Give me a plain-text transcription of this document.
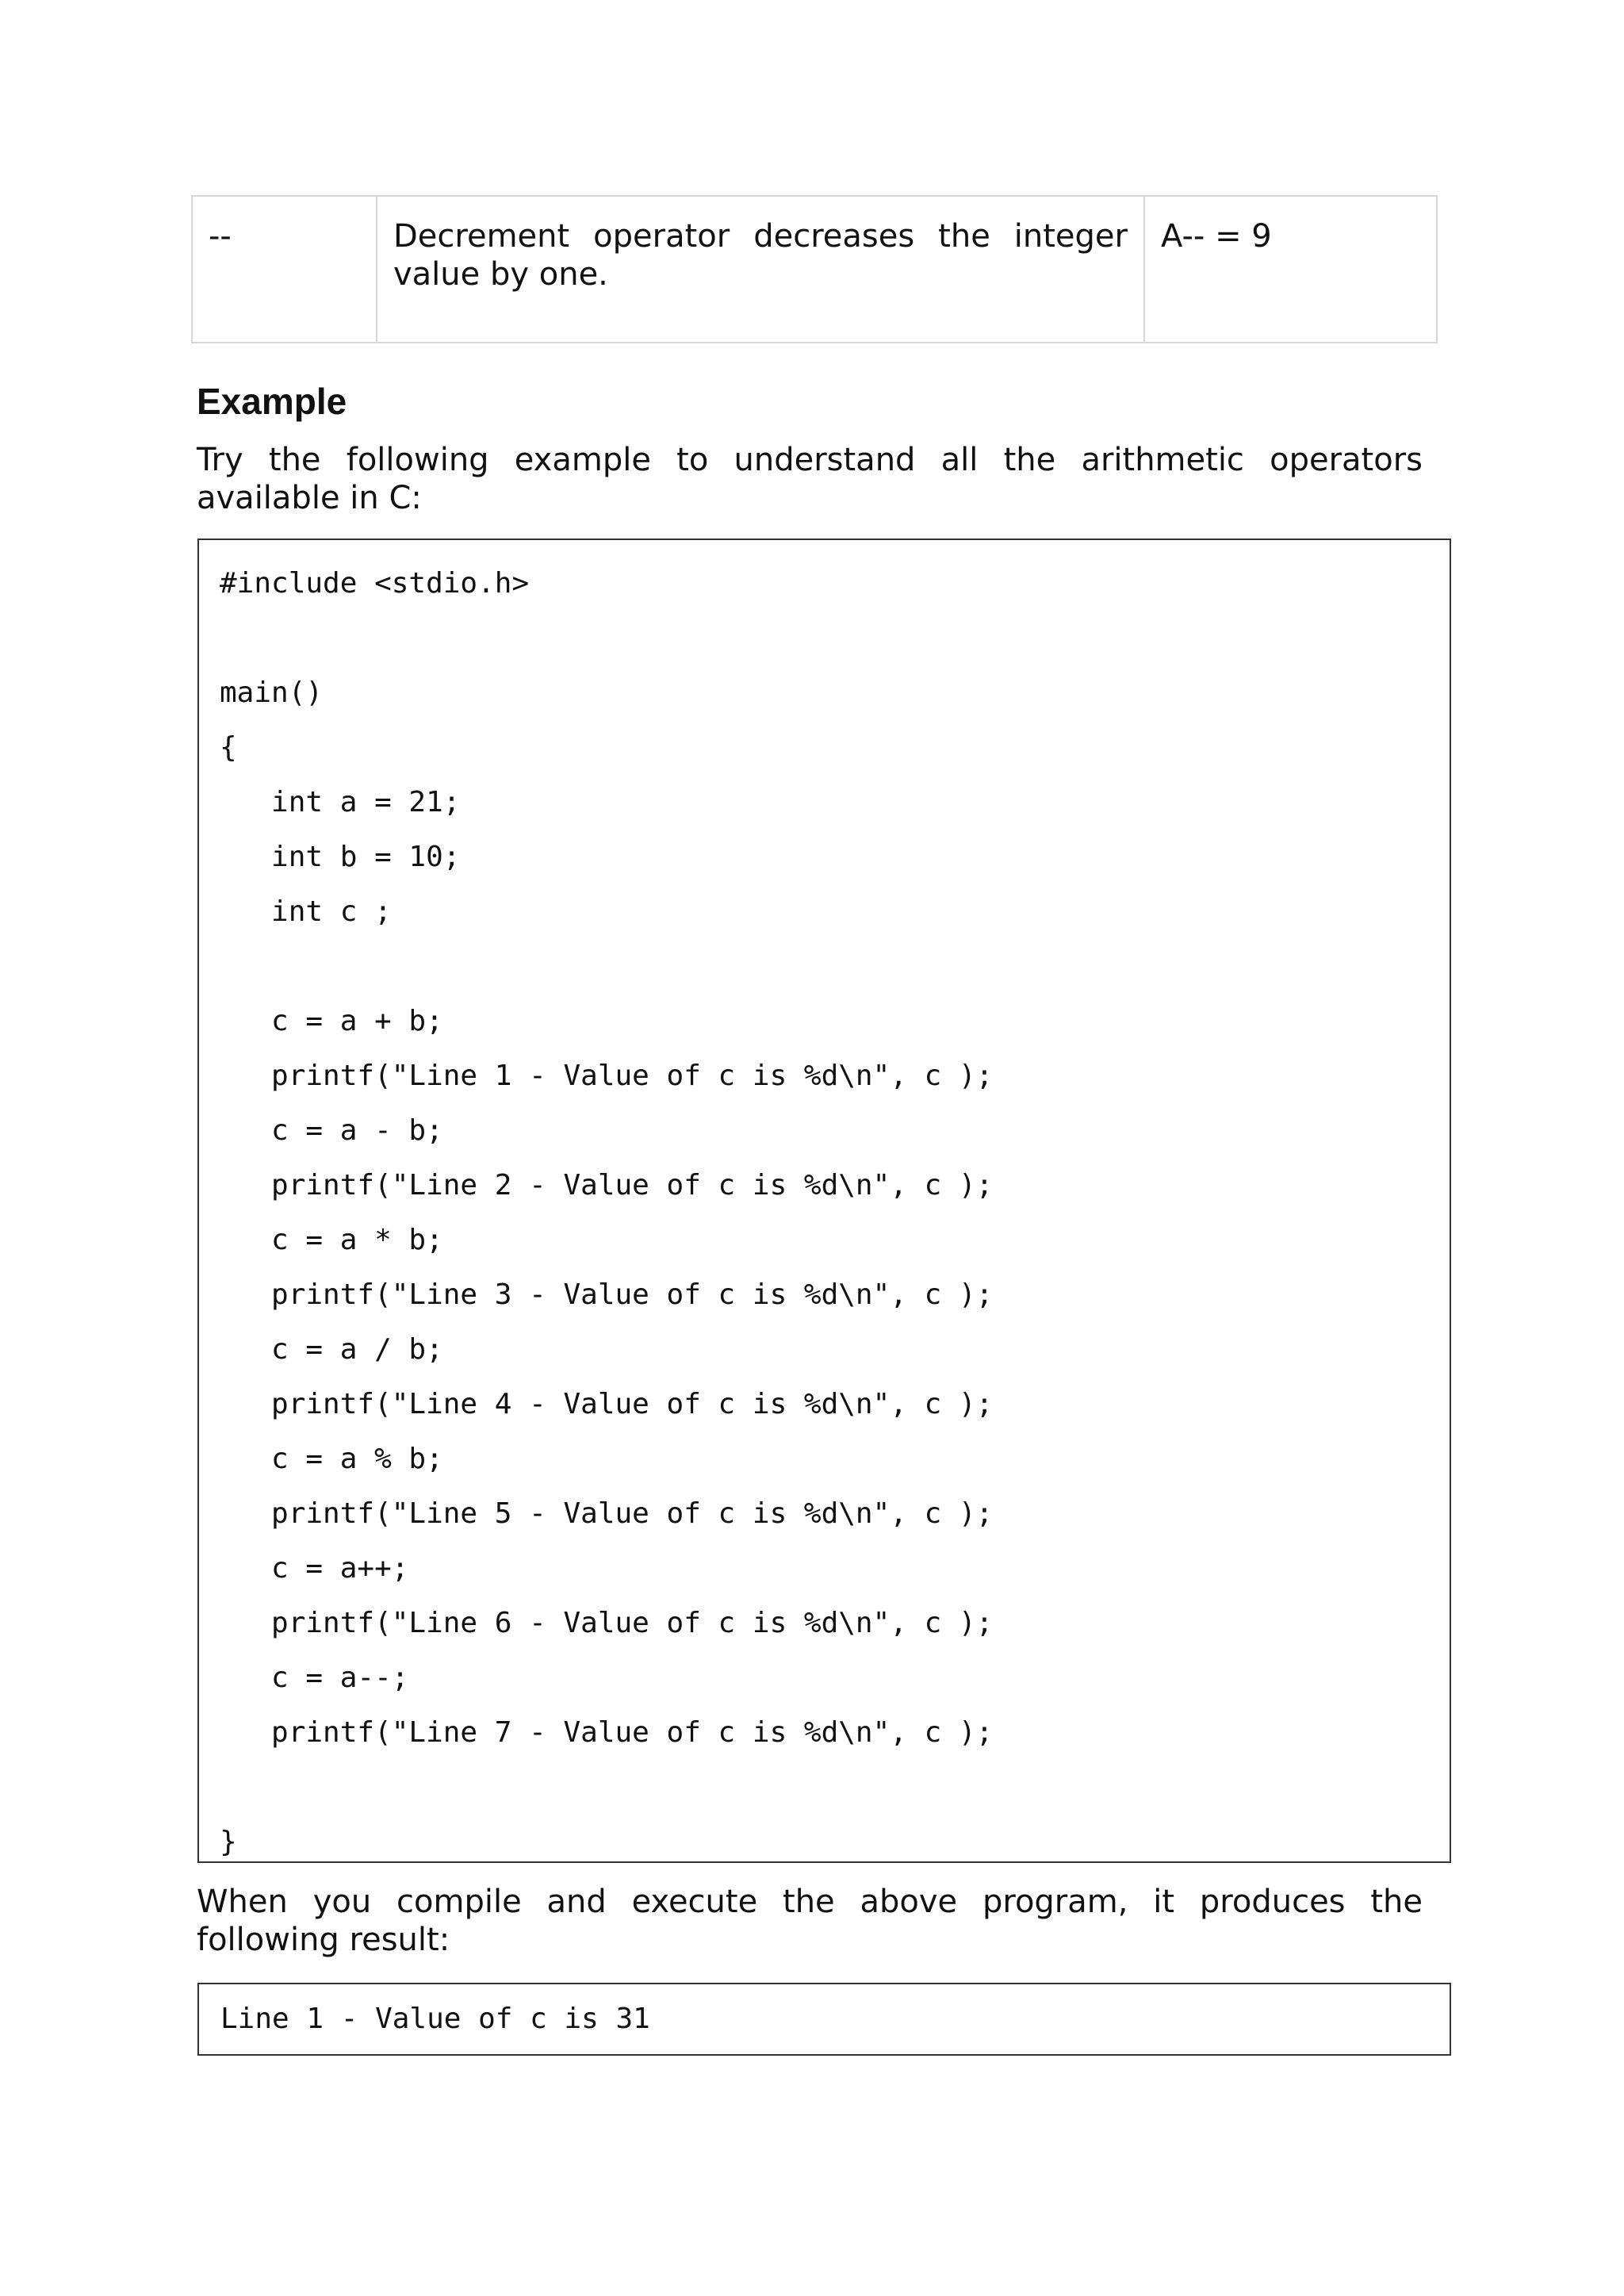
--	Decrement operator decreases the integer value by one.	A-- = 9
Example

Try the following example to understand all the arithmetic operators available in C:

#include <stdio.h>
main()
{
int a = 21;
int b = 10;
int c ;
c = a + b;
printf("Line 1 - Value of c is %d\n", c );
c = a - b;
printf("Line 2 - Value of c is %d\n", c );
c = a * b;
printf("Line 3 - Value of c is %d\n", c );
c = a / b;
printf("Line 4 - Value of c is %d\n", c );
c = a % b;
printf("Line 5 - Value of c is %d\n", c );
c = a++;
printf("Line 6 - Value of c is %d\n", c );
c = a--;
printf("Line 7 - Value of c is %d\n", c );
}

When you compile and execute the above program, it produces the following result:

Line 1 - Value of c is 31
